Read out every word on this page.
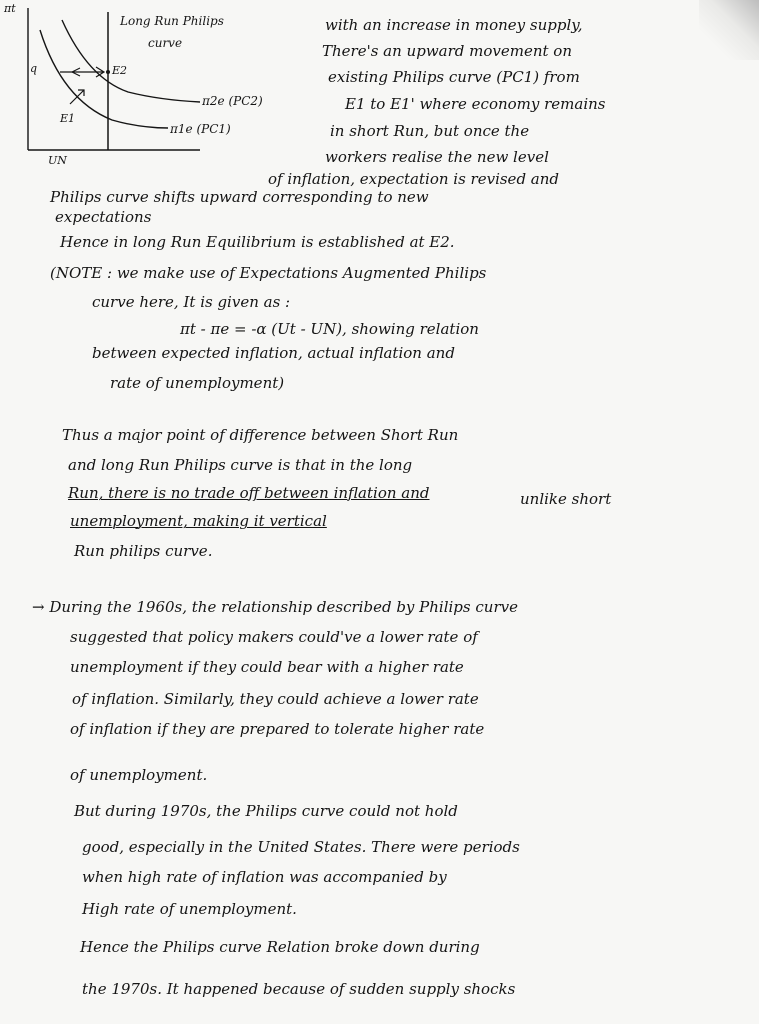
πt
UN
Long Run Philips
curve
E2
E1
q
π2e (PC2)
π1e (PC1)
with an increase in money supply,
There's an upward movement on
existing Philips curve (PC1) from
E1 to E1' where economy remains
in short Run, but once the
workers realise the new level
of inflation, expectation is revised and
Philips curve shifts upward corresponding to new
expectations
Hence in long Run Equilibrium is established at E2.
(NOTE : we make use of Expectations Augmented Philips
curve here, It is given as :
πt - πe = -α (Ut - UN), showing relation
between expected inflation, actual inflation and
rate of unemployment)
Thus a major point of difference between Short Run
and long Run Philips curve is that in the long
Run, there is no trade off between inflation and
unemployment, making it vertical
unlike short
Run philips curve.
→ During the 1960s, the relationship described by Philips curve
suggested that policy makers could've a lower rate of
unemployment if they could bear with a higher rate
of inflation. Similarly, they could achieve a lower rate
of inflation if they are prepared to tolerate higher rate
of unemployment.
But during 1970s, the Philips curve could not hold
good, especially in the United States. There were periods
when high rate of inflation was accompanied by
High rate of unemployment.
Hence the Philips curve Relation broke down during
the 1970s. It happened because of sudden supply shocks
